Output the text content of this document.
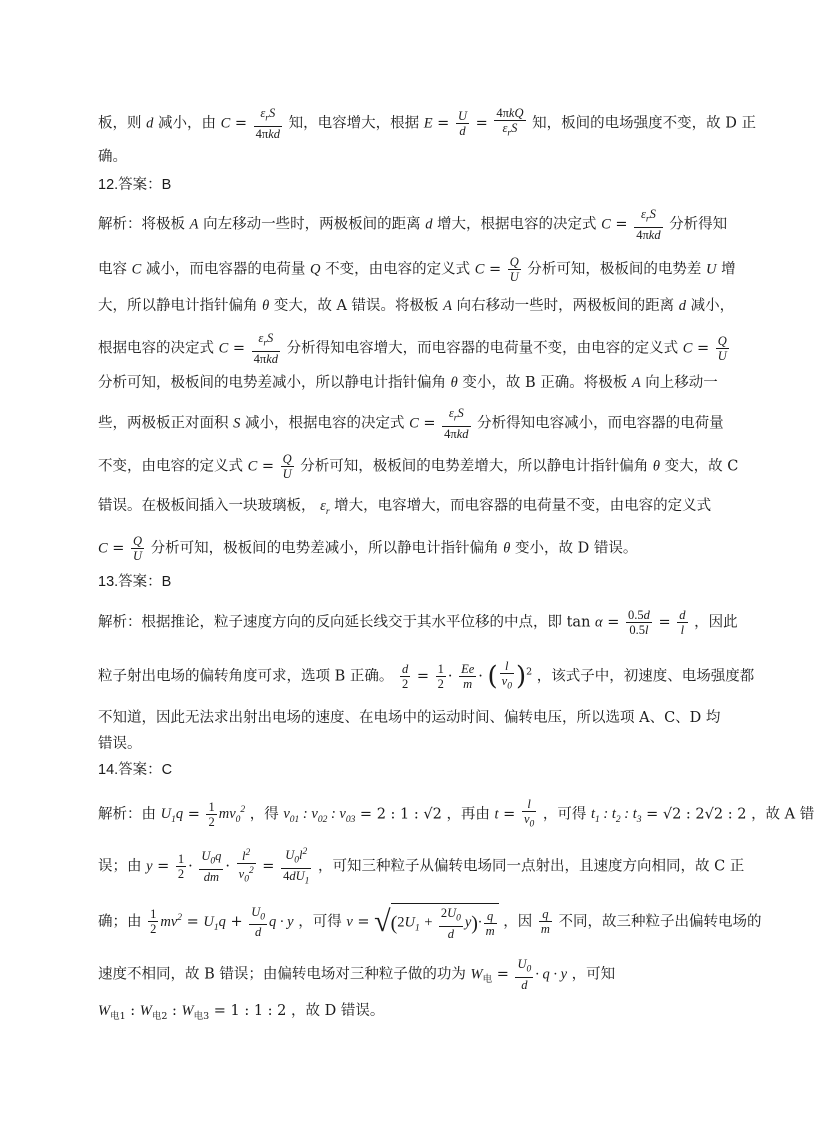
板，则 d 减小，由 $C = \frac{\varepsilon_rS}{\text{4πkd}}$ 知，电容增大，根据 $E = \frac{U}{d} = \frac{\text{4πkQ}}{\varepsilon_rS}$ 知，板间的电场强度不变，故 D 正
确。
12.答案：B
解析：将极板 A 向左移动一些时，两极板间的距离 d 增大，根据电容的决定式 $C = \frac{\varepsilon_rS}{\text{4πkd}}$ 分析得知
电容 C 减小，而电容器的电荷量 Q 不变，由电容的定义式 $C = \frac{Q}{U}$ 分析可知，极板间的电势差 U 增
大，所以静电计指针偏角 θ 变大，故 A 错误。将极板 A 向右移动一些时，两极板间的距离 d 减小，
根据电容的决定式 $C = \frac{\varepsilon_rS}{\text{4πkd}}$ 分析得知电容增大，而电容器的电荷量不变，由电容的定义式 $C = \frac{Q}{U}$
分析可知，极板间的电势差减小，所以静电计指针偏角 θ 变小，故 B 正确。将极板 A 向上移动一
些，两极板正对面积 S 减小，根据电容的决定式 $C = \frac{\varepsilon_rS}{\text{4πkd}}$ 分析得知电容减小，而电容器的电荷量
不变，由电容的定义式 $C = \frac{Q}{U}$ 分析可知，极板间的电势差增大，所以静电计指针偏角 θ 变大，故 C
错误。在极板间插入一块玻璃板， $\varepsilon_r$ 增大，电容增大，而电容器的电荷量不变，由电容的定义式
$C = \frac{Q}{U}$ 分析可知，极板间的电势差减小，所以静电计指针偏角 θ 变小，故 D 错误。
13.答案：B
解析：根据推论，粒子速度方向的反向延长线交于其水平位移的中点，即 $\tan \alpha = \frac{0.5d}{0.5l} = \frac{d}{l}$ ，因此
粒子射出电场的偏转角度可求，选项 B 正确。 $\frac{d}{2} = \frac{1}{2} \cdot \frac{Ee}{m}$ · ( $\frac{l}{v_0} )^2$ ，该式子中，初速度、电场强度都
不知道，因此无法求出射出电场的速度、在电场中的运动时间、偏转电压，所以选项 A、C、D 均
错误。
14.答案：C
解析：由 $U_1q = \frac{1}{2} mv_0^2$ ，得 $v_{01}$ : $v_{02}$ : $v_{03} = 2$ : 1 : √2 ，再由 $t = \frac{l}{v_0}$ ，可得 $t_1$ : $t_2$ : $t_3 = √2$ : 2√2 : 2 ，故 A 错
误；由 $y = \frac{1}{2} \cdot \frac{U_0q}{dm} \cdot \frac{l^2}{v_0^2} = \frac{U_0l^2}{4dU_1}$ ，可知三种粒子从偏转电场同一点射出，且速度方向相同，故 C 正
确；由 $\frac{1}{2} mv^2 = U_1q + \frac{U_0}{d}$ q · y ，可得 $v = √(2U_1 + \frac{2U_0}{d} y)\cdot \frac{q}{m}$ ，因 $\frac{q}{m}$ 不同，故三种粒子出偏转电场的
速度不相同，故 B 错误；由偏转电场对三种粒子做的功为 $W_电 = \frac{U_0}{d} \cdot q \cdot y$ ，可知
$W_{电1}$ : $W_{电2}$ : $W_{电3} = 1$ : 1 : 2 ，故 D 错误。
